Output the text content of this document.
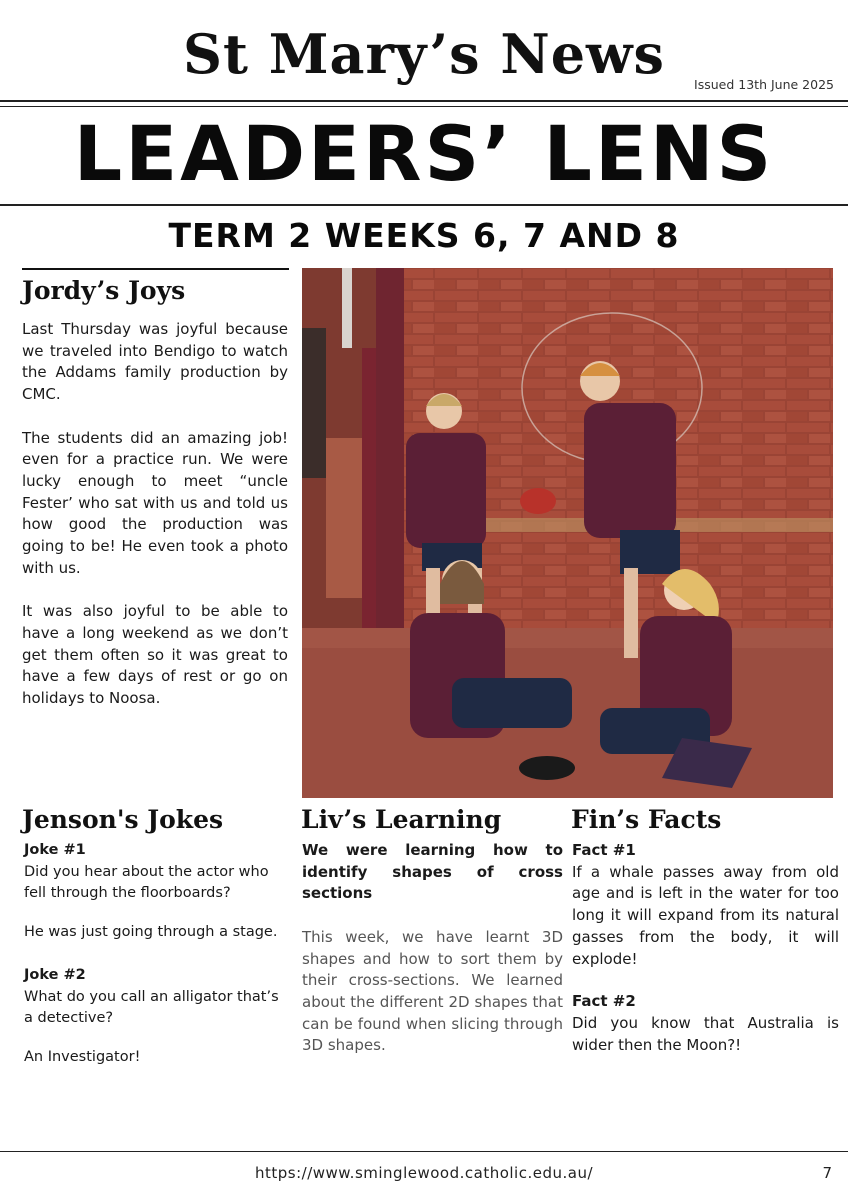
St Mary’s News	Issued 13th June 2025
LEADERS’ LENS
TERM 2 WEEKS 6, 7 AND 8
Jordy’s Joys

Last Thursday was joyful because we traveled into Bendigo to watch the Addams family production by CMC.

The students did an amazing job! even for a practice run. We were lucky enough to meet “uncle Fester’ who sat with us and told us how good the production was going to be! He even took a photo with us.

It was also joyful to be able to have a long weekend as we don’t get them often so it was great to have a few days of rest or go on holidays to Noosa.

Jenson's Jokes
Joke #1

Did you hear about the actor who fell through the floorboards?

He was just going through a stage.

Joke #2

What do you call an alligator that’s a detective?

An Investigator!

Liv’s Learning

We were learning how to identify shapes of cross sections

This week, we have learnt 3D shapes and how to sort them by their cross-sections. We learned about the different 2D shapes that can be found when slicing through 3D shapes.

Fin’s Facts
Fact #1

If a whale passes away from old age and is left in the water for too long it will expand from its natural gasses from the body, it will explode!

Fact #2

Did you know that Australia is wider then the Moon?!

https://www.sminglewood.catholic.edu.au/	7
